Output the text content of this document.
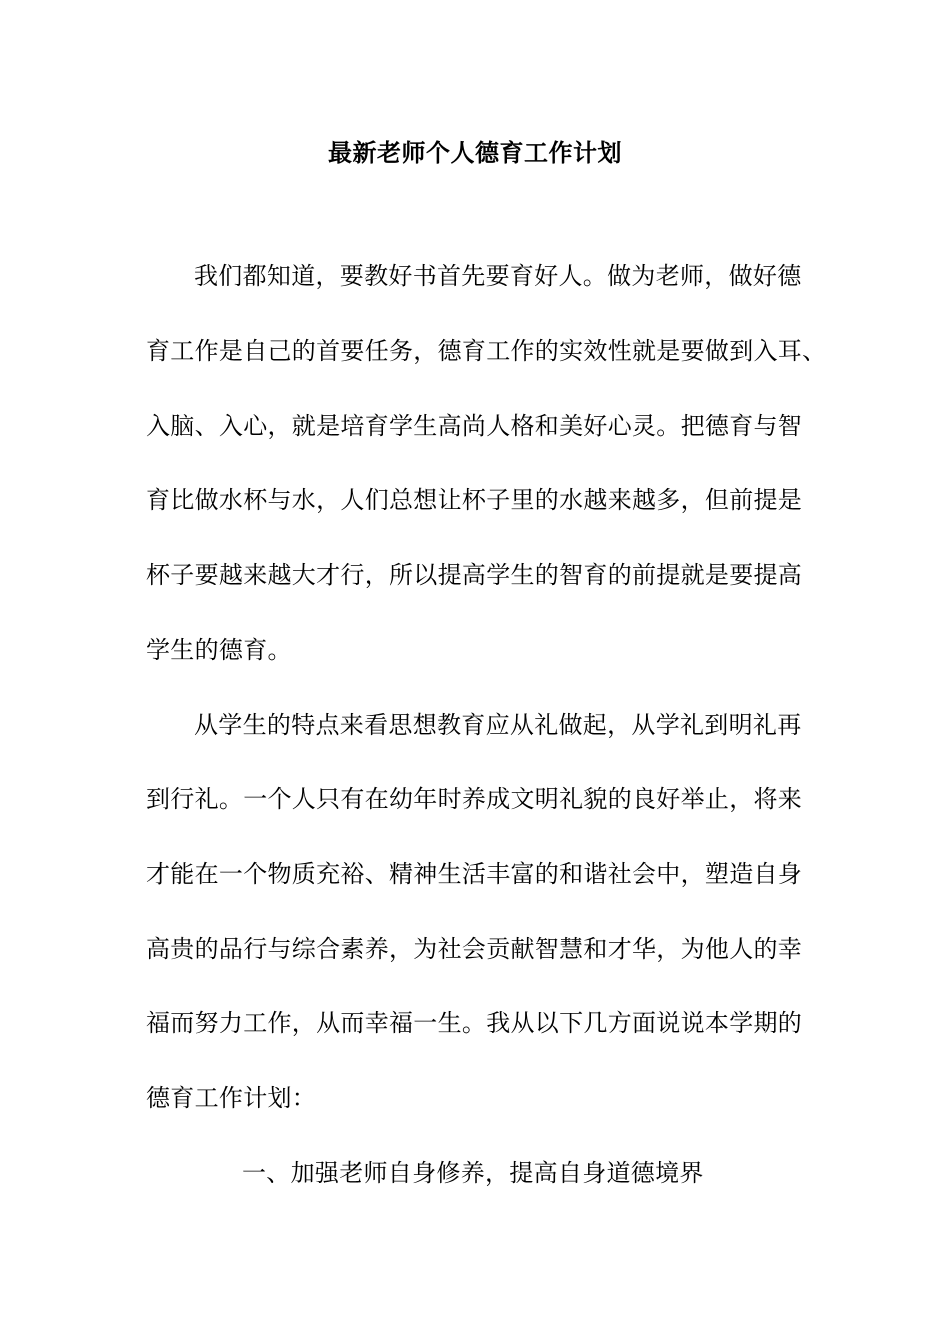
最新老师个人德育工作计划
我们都知道，要教好书首先要育好人。做为老师，做好德
育工作是自己的首要任务，德育工作的实效性就是要做到入耳、
入脑、入心，就是培育学生高尚人格和美好心灵。把德育与智
育比做水杯与水，人们总想让杯子里的水越来越多，但前提是
杯子要越来越大才行，所以提高学生的智育的前提就是要提高
学生的德育。
从学生的特点来看思想教育应从礼做起，从学礼到明礼再
到行礼。一个人只有在幼年时养成文明礼貌的良好举止，将来
才能在一个物质充裕、精神生活丰富的和谐社会中，塑造自身
高贵的品行与综合素养，为社会贡献智慧和才华，为他人的幸
福而努力工作，从而幸福一生。我从以下几方面说说本学期的
德育工作计划：
一、加强老师自身修养，提高自身道德境界
